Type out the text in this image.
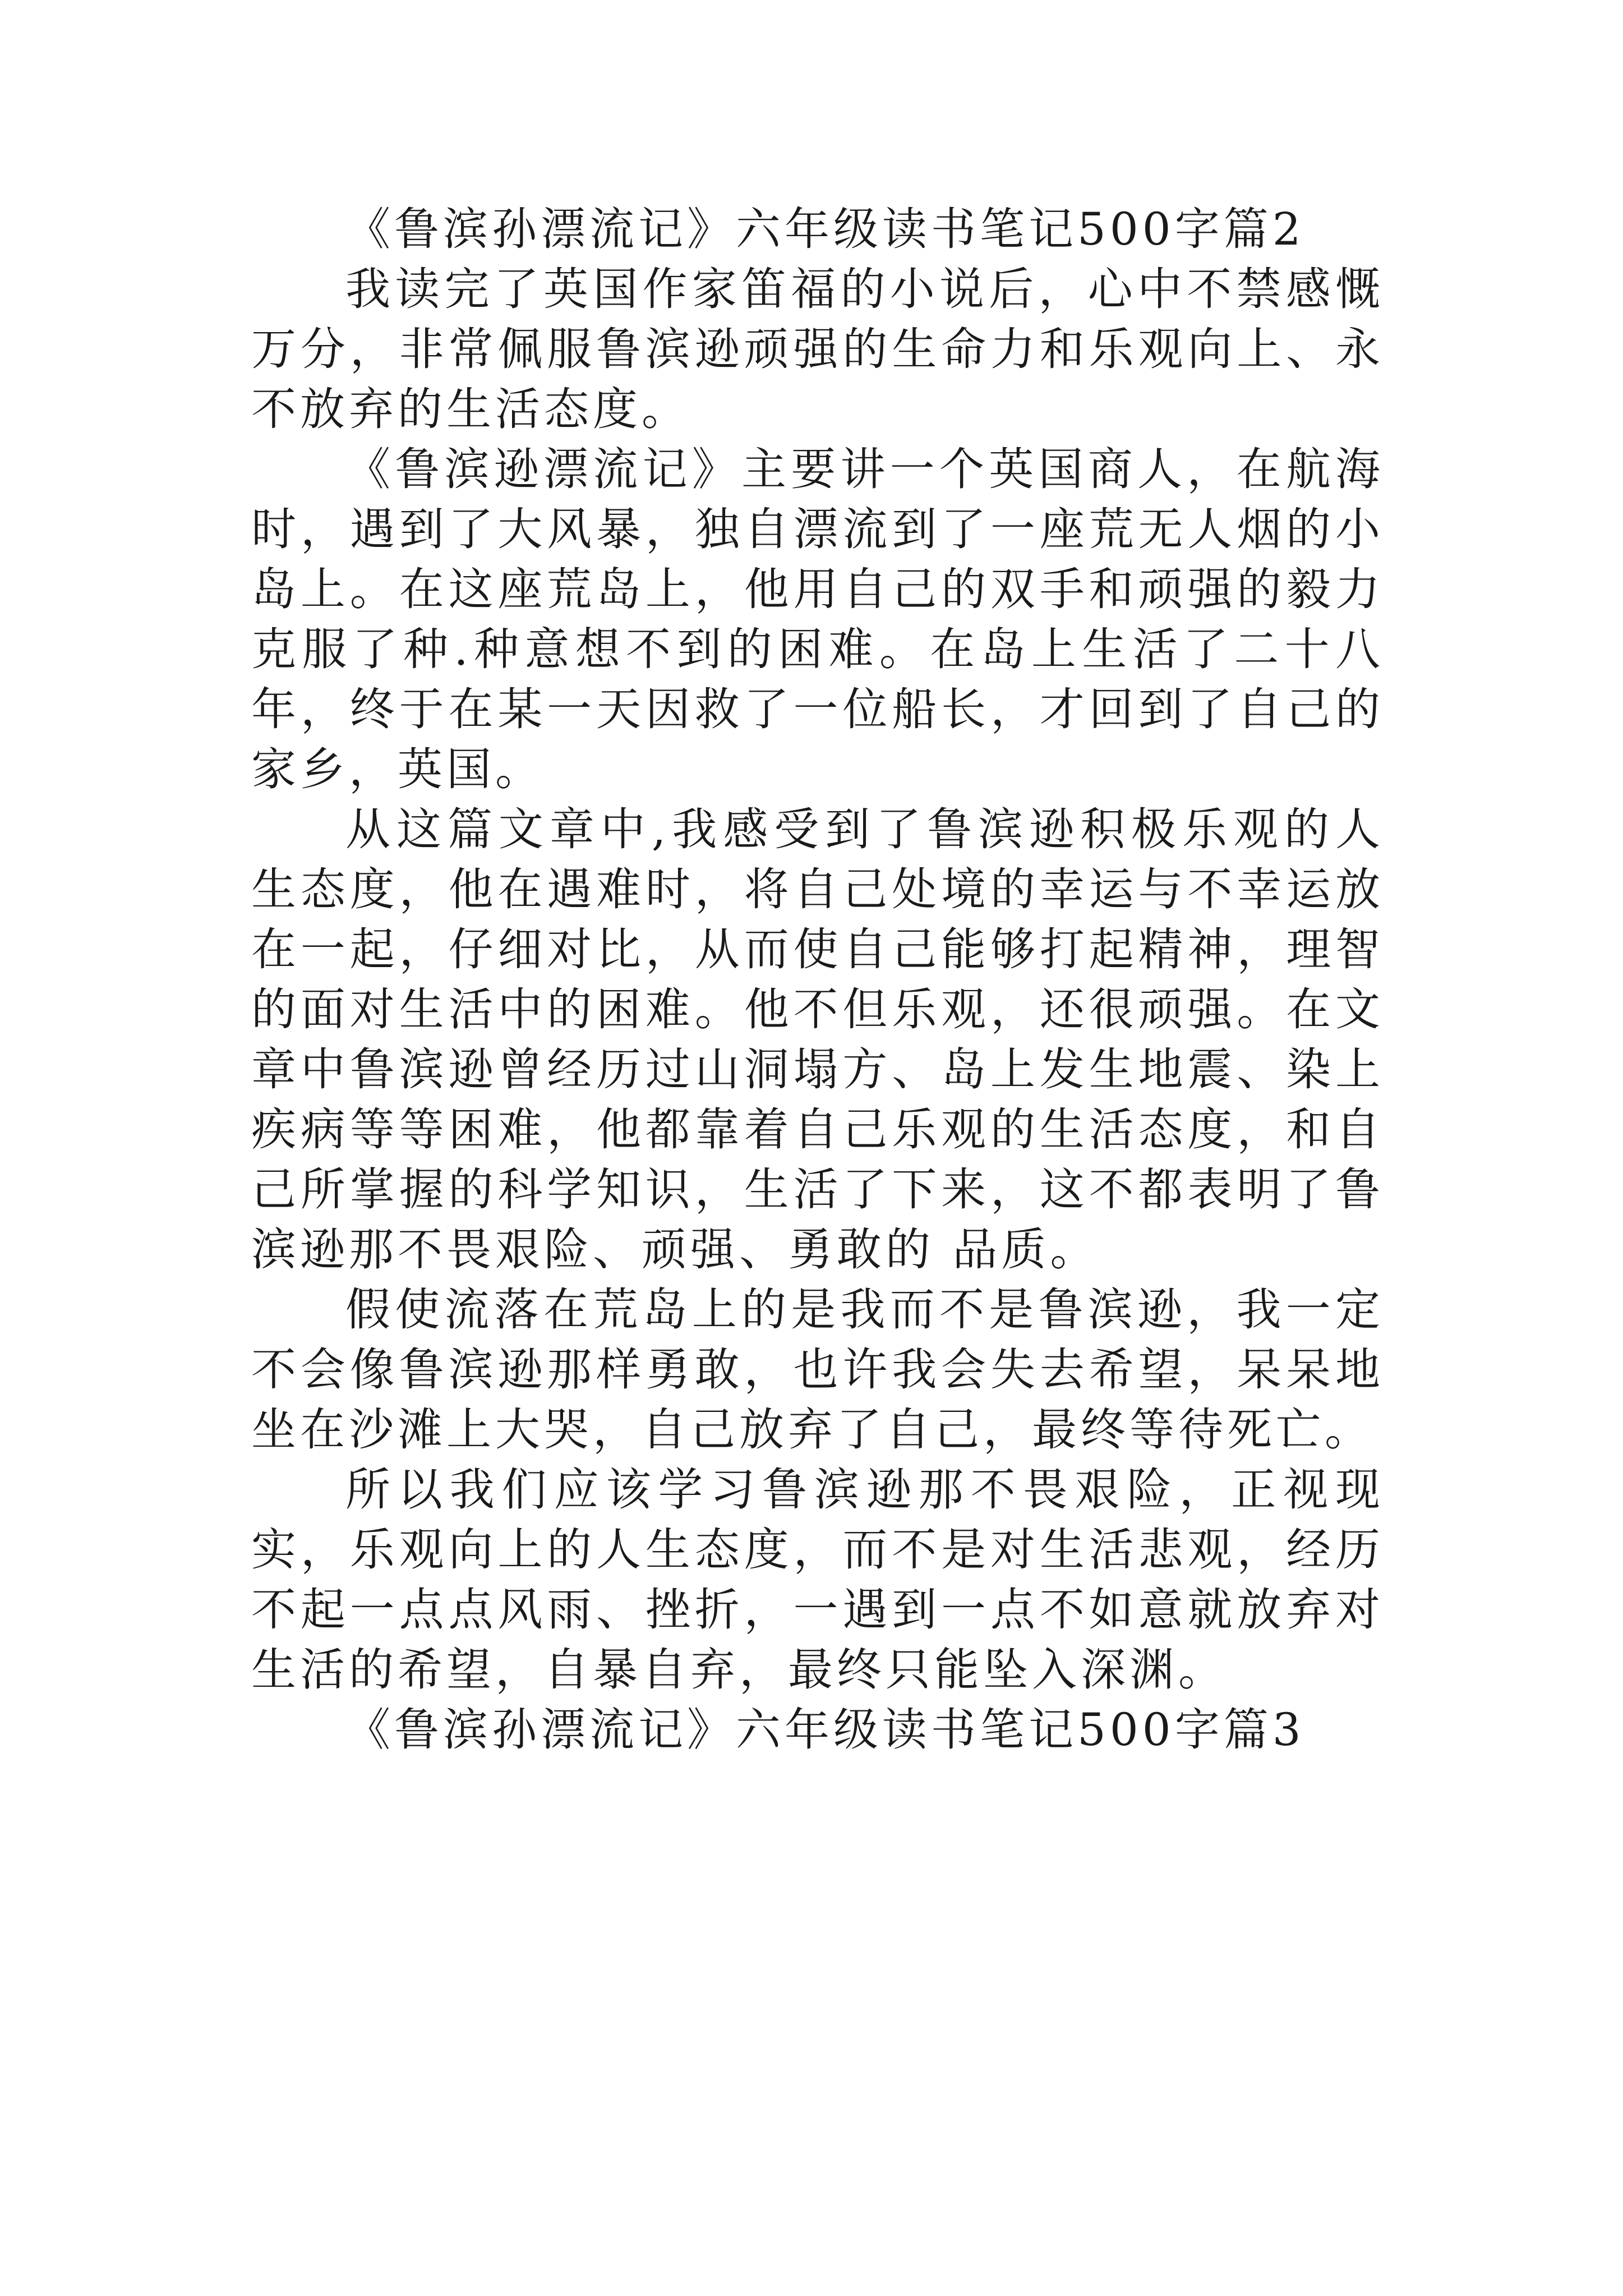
《鲁滨孙漂流记》六年级读书笔记500字篇2

我读完了英国作家笛福的小说后，心中不禁感慨万分，非常佩服鲁滨逊顽强的生命力和乐观向上、永不放弃的生活态度。

《鲁滨逊漂流记》主要讲一个英国商人，在航海时，遇到了大风暴，独自漂流到了一座荒无人烟的小岛上。在这座荒岛上，他用自己的双手和顽强的毅力克服了种.种意想不到的困难。在岛上生活了二十八年，终于在某一天因救了一位船长，才回到了自己的家乡，英国。

从这篇文章中,我感受到了鲁滨逊积极乐观的人生态度，他在遇难时，将自己处境的幸运与不幸运放在一起，仔细对比，从而使自己能够打起精神，理智的面对生活中的困难。他不但乐观，还很顽强。在文章中鲁滨逊曾经历过山洞塌方、岛上发生地震、染上疾病等等困难，他都靠着自己乐观的生活态度，和自己所掌握的科学知识，生活了下来，这不都表明了鲁滨逊那不畏艰险、顽强、勇敢的 品质。

假使流落在荒岛上的是我而不是鲁滨逊，我一定不会像鲁滨逊那样勇敢，也许我会失去希望，呆呆地坐在沙滩上大哭，自己放弃了自己，最终等待死亡。

所以我们应该学习鲁滨逊那不畏艰险，正视现实，乐观向上的人生态度，而不是对生活悲观，经历不起一点点风雨、挫折，一遇到一点不如意就放弃对生活的希望，自暴自弃，最终只能坠入深渊。

《鲁滨孙漂流记》六年级读书笔记500字篇3
